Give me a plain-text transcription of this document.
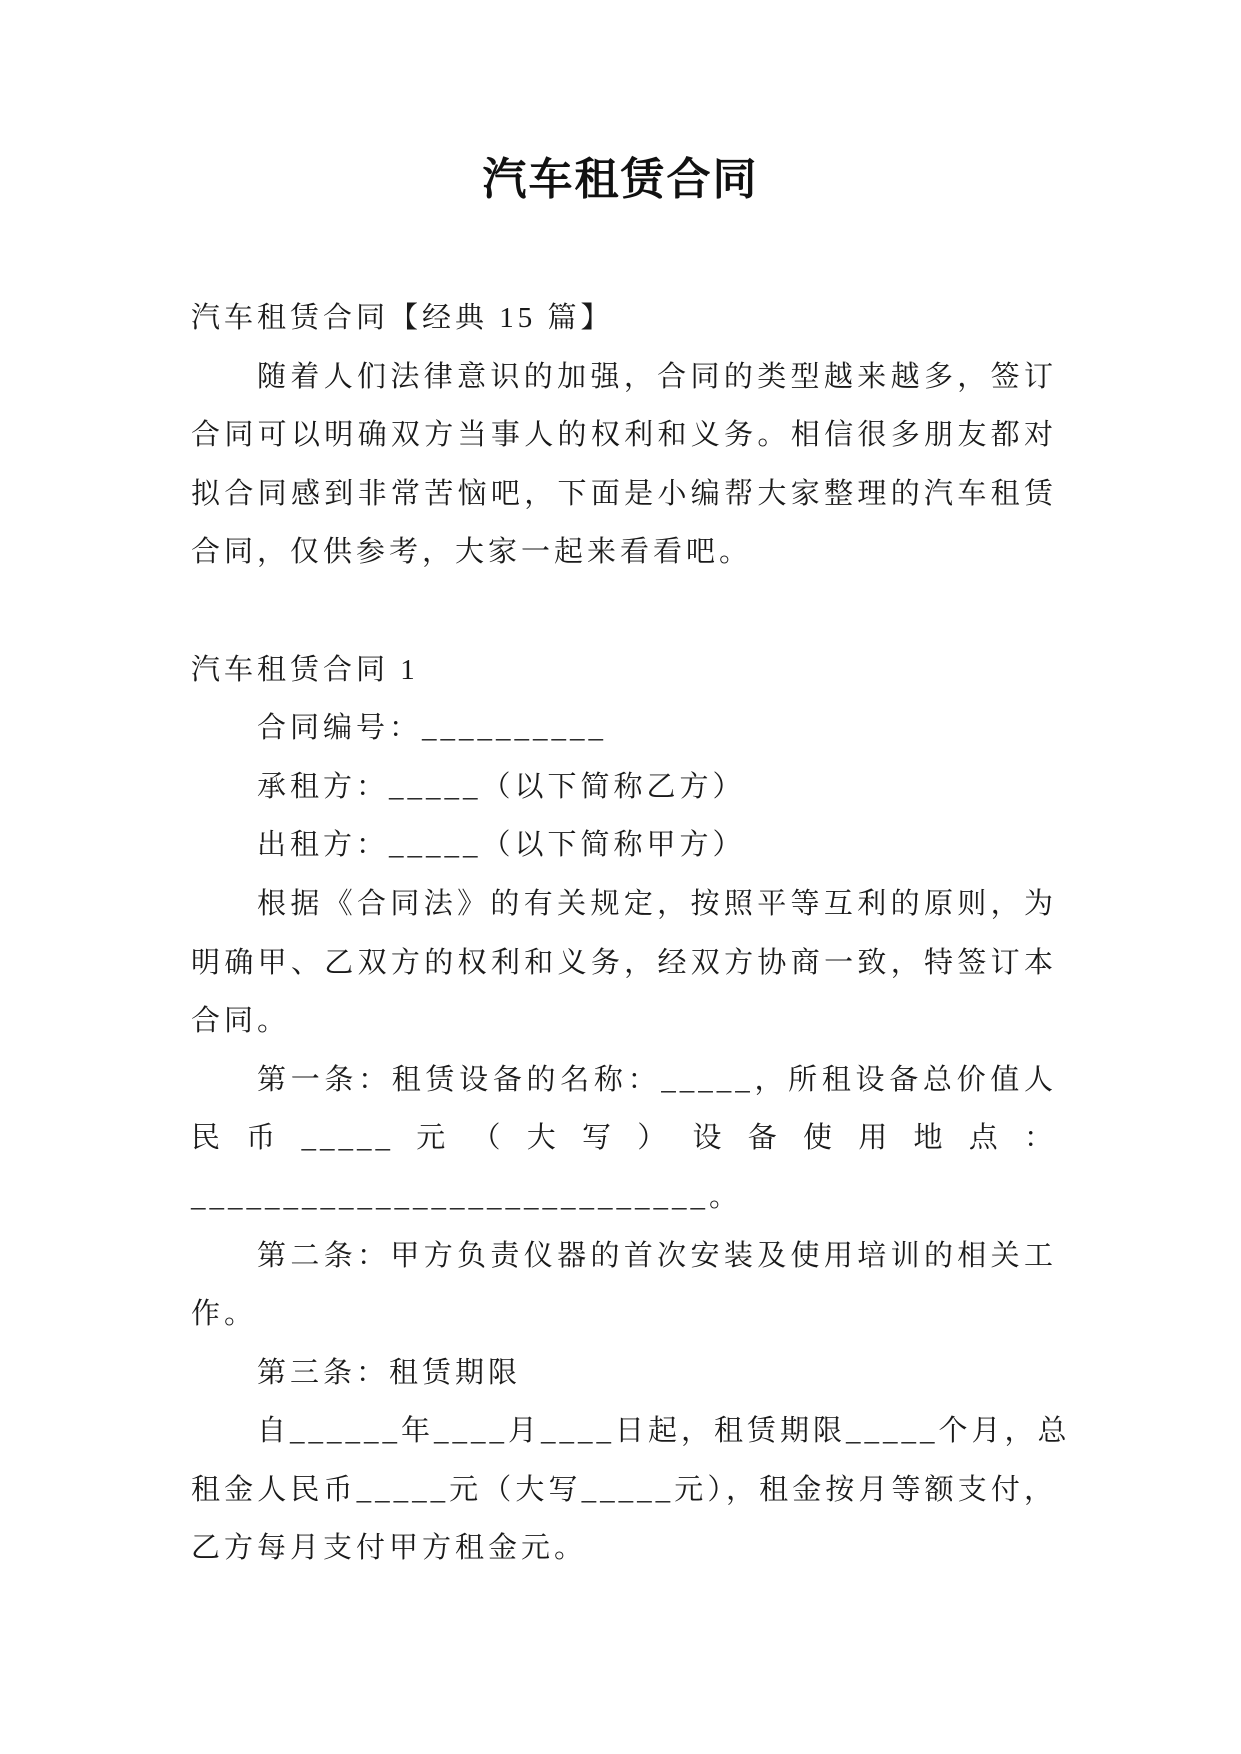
汽车租赁合同
汽车租赁合同【经典 15 篇】
随着人们法律意识的加强，合同的类型越来越多，签订
合同可以明确双方当事人的权利和义务。相信很多朋友都对
拟合同感到非常苦恼吧，下面是小编帮大家整理的汽车租赁
合同，仅供参考，大家一起来看看吧。
汽车租赁合同 1
合同编号：__________
承租方：_____（以下简称乙方）
出租方：_____（以下简称甲方）
根据《合同法》的有关规定，按照平等互利的原则，为
明确甲、乙双方的权利和义务，经双方协商一致，特签订本
合同。
第一条：租赁设备的名称：_____，所租设备总价值人
民币_____元（大写）设备使用地点：
____________________________。
第二条：甲方负责仪器的首次安装及使用培训的相关工
作。
第三条：租赁期限
自______年____月____日起，租赁期限_____个月，总
租金人民币_____元（大写_____元），租金按月等额支付，
乙方每月支付甲方租金元。
